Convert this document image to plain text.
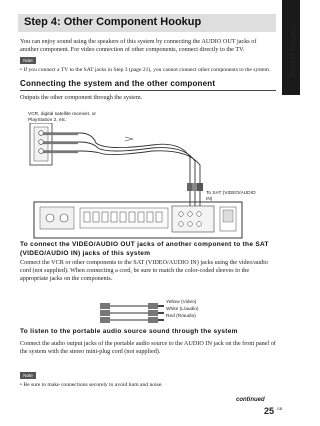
Getting Started
Step 4: Other Component Hookup
You can enjoy sound using the speakers of this system by connecting the AUDIO OUT jacks of another component. For video connection of other components, connect directly to the TV.
Note
• If you connect a TV to the SAT jacks in Step 3 (page 21), you cannot connect other components to the system.
Connecting the system and the other component
Outputs the other component through the system.
VCR, digital satellite receiver, or PlayStation 2, etc.
To SAT (VIDEO/AUDIO IN)
To connect the VIDEO/AUDIO OUT jacks of another component to the SAT (VIDEO/AUDIO IN) jacks of this system
Connect the VCR or other components to the SAT (VIDEO/AUDIO IN) jacks using the video/audio cord (not supplied). When connecting a cord, be sure to match the color-coded sleeves to the appropriate jacks on the components.
Yellow (Video)
White (L/audio)
Red (R/audio)
To listen to the portable audio source sound through the system
Connect the audio output jacks of the portable audio source to the AUDIO IN jack on the front panel of the system with the stereo mini-plug cord (not supplied).
Note
• Be sure to make connections securely to avoid hum and noise.
continued
25 GB
